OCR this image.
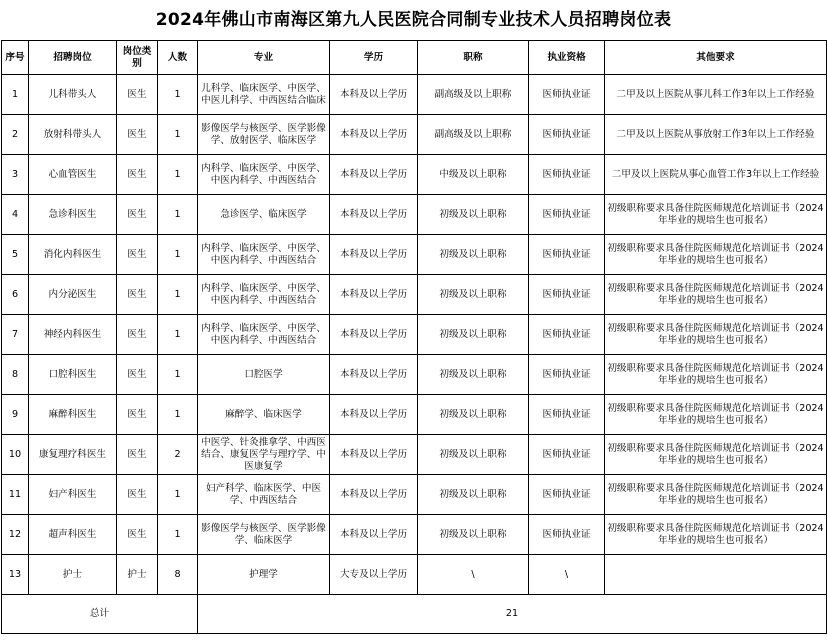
2024年佛山市南海区第九人民医院合同制专业技术人员招聘岗位表
序号	招聘岗位	岗位类别	人数	专业	学历	职称	执业资格	其他要求
1	儿科带头人	医生	1	儿科学、临床医学、中医学、中医儿科学、中西医结合临床	本科及以上学历	副高级及以上职称	医师执业证	二甲及以上医院从事儿科工作3年以上工作经验
2	放射科带头人	医生	1	影像医学与核医学、医学影像学、放射医学、临床医学	本科及以上学历	副高级及以上职称	医师执业证	二甲及以上医院从事放射工作3年以上工作经验
3	心血管医生	医生	1	内科学、临床医学、中医学、中医内科学、中西医结合	本科及以上学历	中级及以上职称	医师执业证	二甲及以上医院从事心血管工作3年以上工作经验
4	急诊科医生	医生	1	急诊医学、临床医学	本科及以上学历	初级及以上职称	医师执业证	初级职称要求具备住院医师规范化培训证书（2024年毕业的规培生也可报名）
5	消化内科医生	医生	1	内科学、临床医学、中医学、中医内科学、中西医结合	本科及以上学历	初级及以上职称	医师执业证	初级职称要求具备住院医师规范化培训证书（2024年毕业的规培生也可报名）
6	内分泌医生	医生	1	内科学、临床医学、中医学、中医内科学、中西医结合	本科及以上学历	初级及以上职称	医师执业证	初级职称要求具备住院医师规范化培训证书（2024年毕业的规培生也可报名）
7	神经内科医生	医生	1	内科学、临床医学、中医学、中医内科学、中西医结合	本科及以上学历	初级及以上职称	医师执业证	初级职称要求具备住院医师规范化培训证书（2024年毕业的规培生也可报名）
8	口腔科医生	医生	1	口腔医学	本科及以上学历	初级及以上职称	医师执业证	初级职称要求具备住院医师规范化培训证书（2024年毕业的规培生也可报名）
9	麻醉科医生	医生	1	麻醉学、临床医学	本科及以上学历	初级及以上职称	医师执业证	初级职称要求具备住院医师规范化培训证书（2024年毕业的规培生也可报名）
10	康复理疗科医生	医生	2	中医学、针灸推拿学、中西医结合、康复医学与理疗学、中医康复学	本科及以上学历	初级及以上职称	医师执业证	初级职称要求具备住院医师规范化培训证书（2024年毕业的规培生也可报名）
11	妇产科医生	医生	1	妇产科学、临床医学、中医学、中西医结合	本科及以上学历	初级及以上职称	医师执业证	初级职称要求具备住院医师规范化培训证书（2024年毕业的规培生也可报名）
12	超声科医生	医生	1	影像医学与核医学、医学影像学、临床医学	本科及以上学历	初级及以上职称	医师执业证	初级职称要求具备住院医师规范化培训证书（2024年毕业的规培生也可报名）
13	护士	护士	8	护理学	大专及以上学历	\	\	
总计				21				
